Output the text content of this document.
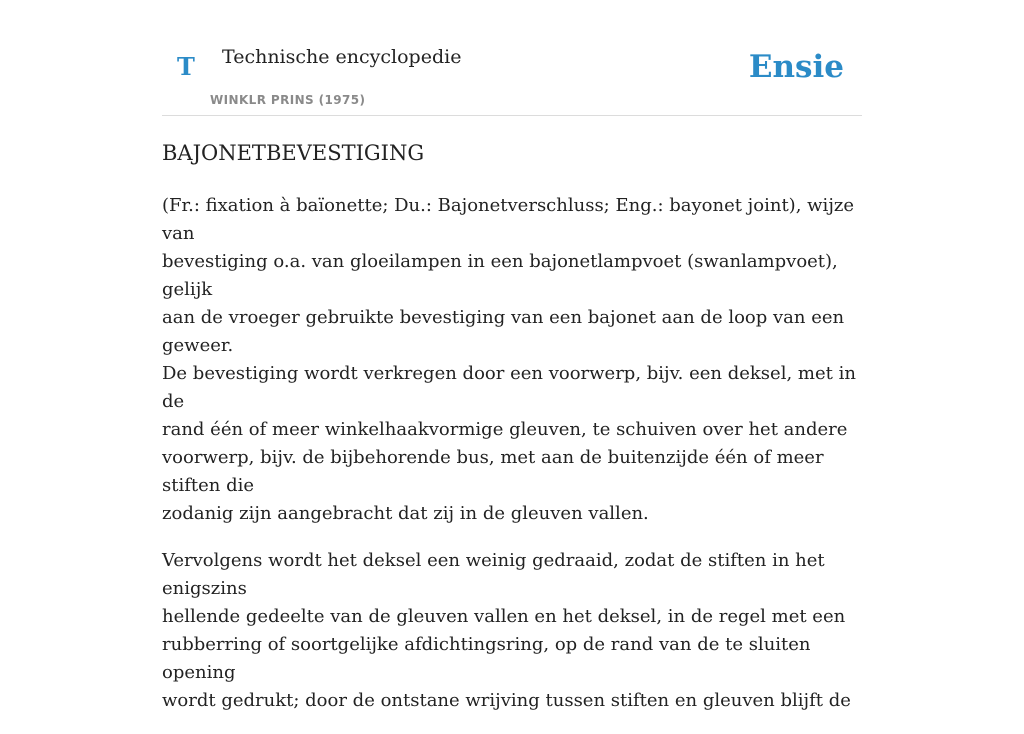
T Technische encyclopedie
WINKLR PRINS (1975)
Ensie
BAJONETBEVESTIGING

(Fr.: fixation à baïonette; Du.: Bajonetverschluss; Eng.: bayonet joint), wijze van
bevestiging o.a. van gloeilampen in een bajonetlampvoet (swanlampvoet), gelijk
aan de vroeger gebruikte bevestiging van een bajonet aan de loop van een geweer.
De bevestiging wordt verkregen door een voorwerp, bijv. een deksel, met in de
rand één of meer winkelhaakvormige gleuven, te schuiven over het andere
voorwerp, bijv. de bijbehorende bus, met aan de buitenzijde één of meer stiften die
zodanig zijn aangebracht dat zij in de gleuven vallen.

Vervolgens wordt het deksel een weinig gedraaid, zodat de stiften in het enigszins
hellende gedeelte van de gleuven vallen en het deksel, in de regel met een
rubberring of soortgelijke afdichtingsring, op de rand van de te sluiten opening
wordt gedrukt; door de ontstane wrijving tussen stiften en gleuven blijft de
